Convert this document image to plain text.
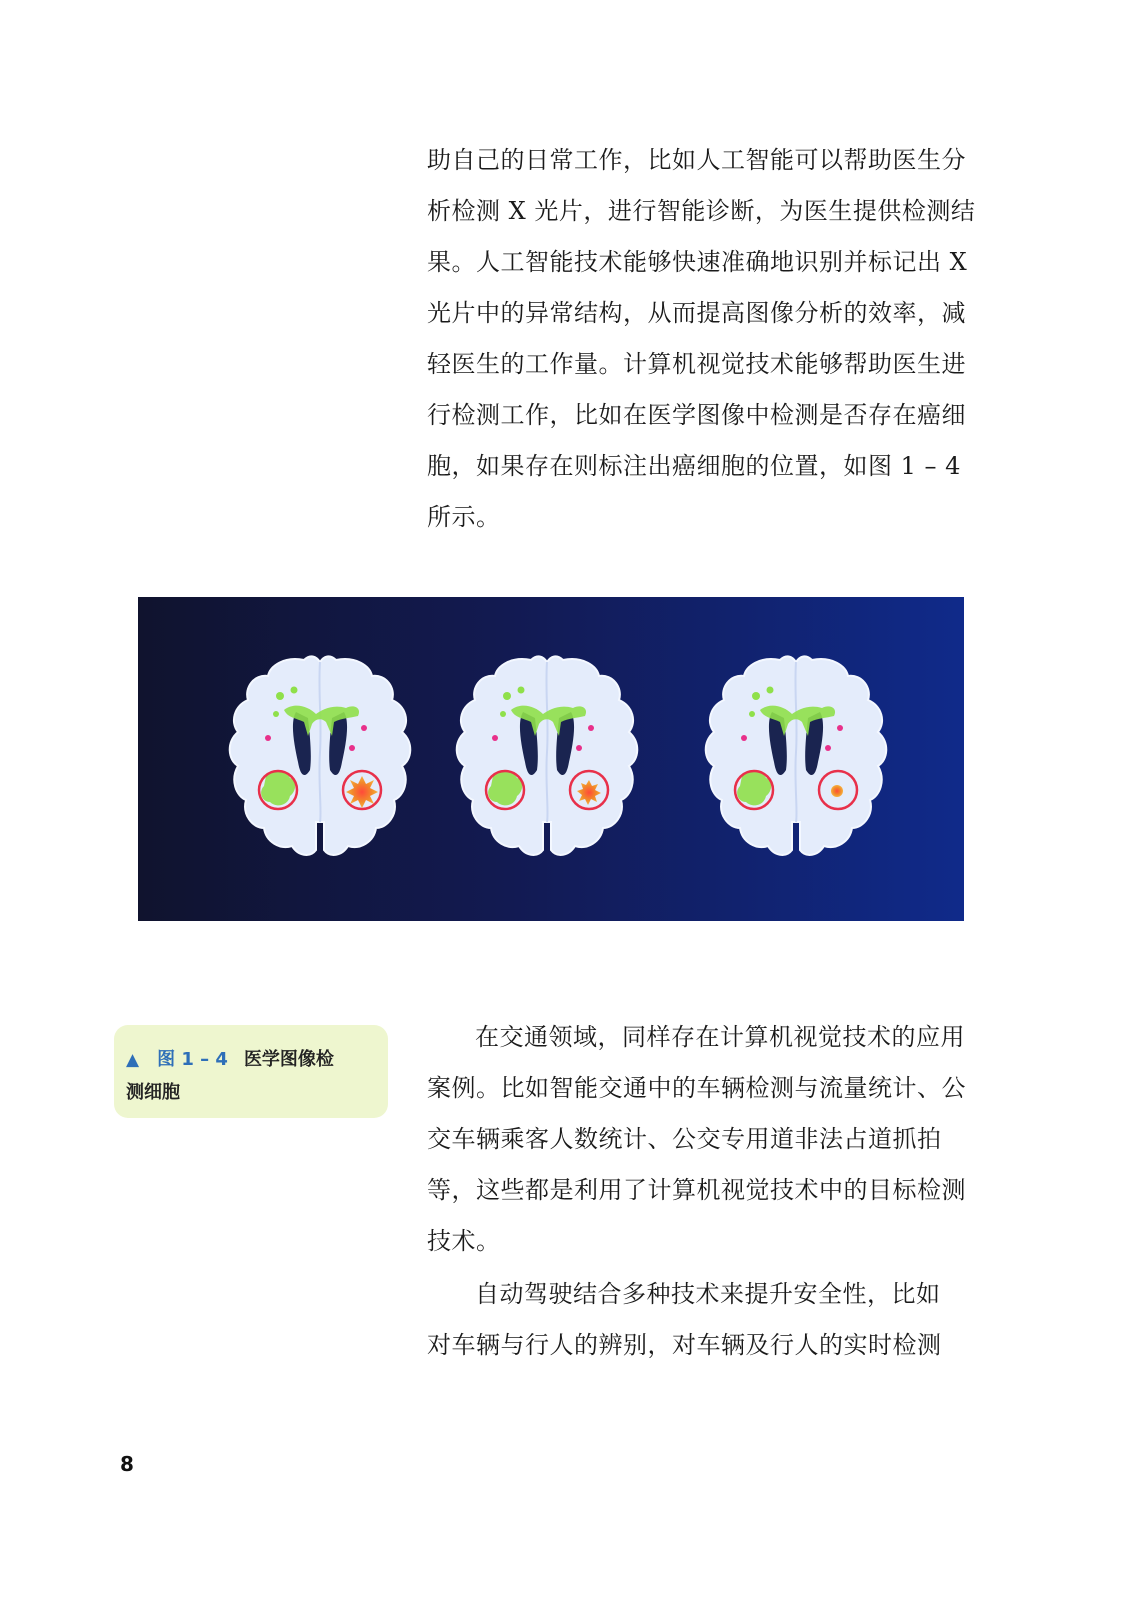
助自己的日常工作，比如人工智能可以帮助医生分
析检测 X 光片，进行智能诊断，为医生提供检测结
果。人工智能技术能够快速准确地识别并标记出 X
光片中的异常结构，从而提高图像分析的效率，减
轻医生的工作量。计算机视觉技术能够帮助医生进
行检测工作，比如在医学图像中检测是否存在癌细
胞，如果存在则标注出癌细胞的位置，如图 1 – 4
所示。
▲ 图 1 – 4 医学图像检
测细胞
在交通领域，同样存在计算机视觉技术的应用
案例。比如智能交通中的车辆检测与流量统计、公
交车辆乘客人数统计、公交专用道非法占道抓拍
等，这些都是利用了计算机视觉技术中的目标检测
技术。
自动驾驶结合多种技术来提升安全性，比如
对车辆与行人的辨别，对车辆及行人的实时检测
8
